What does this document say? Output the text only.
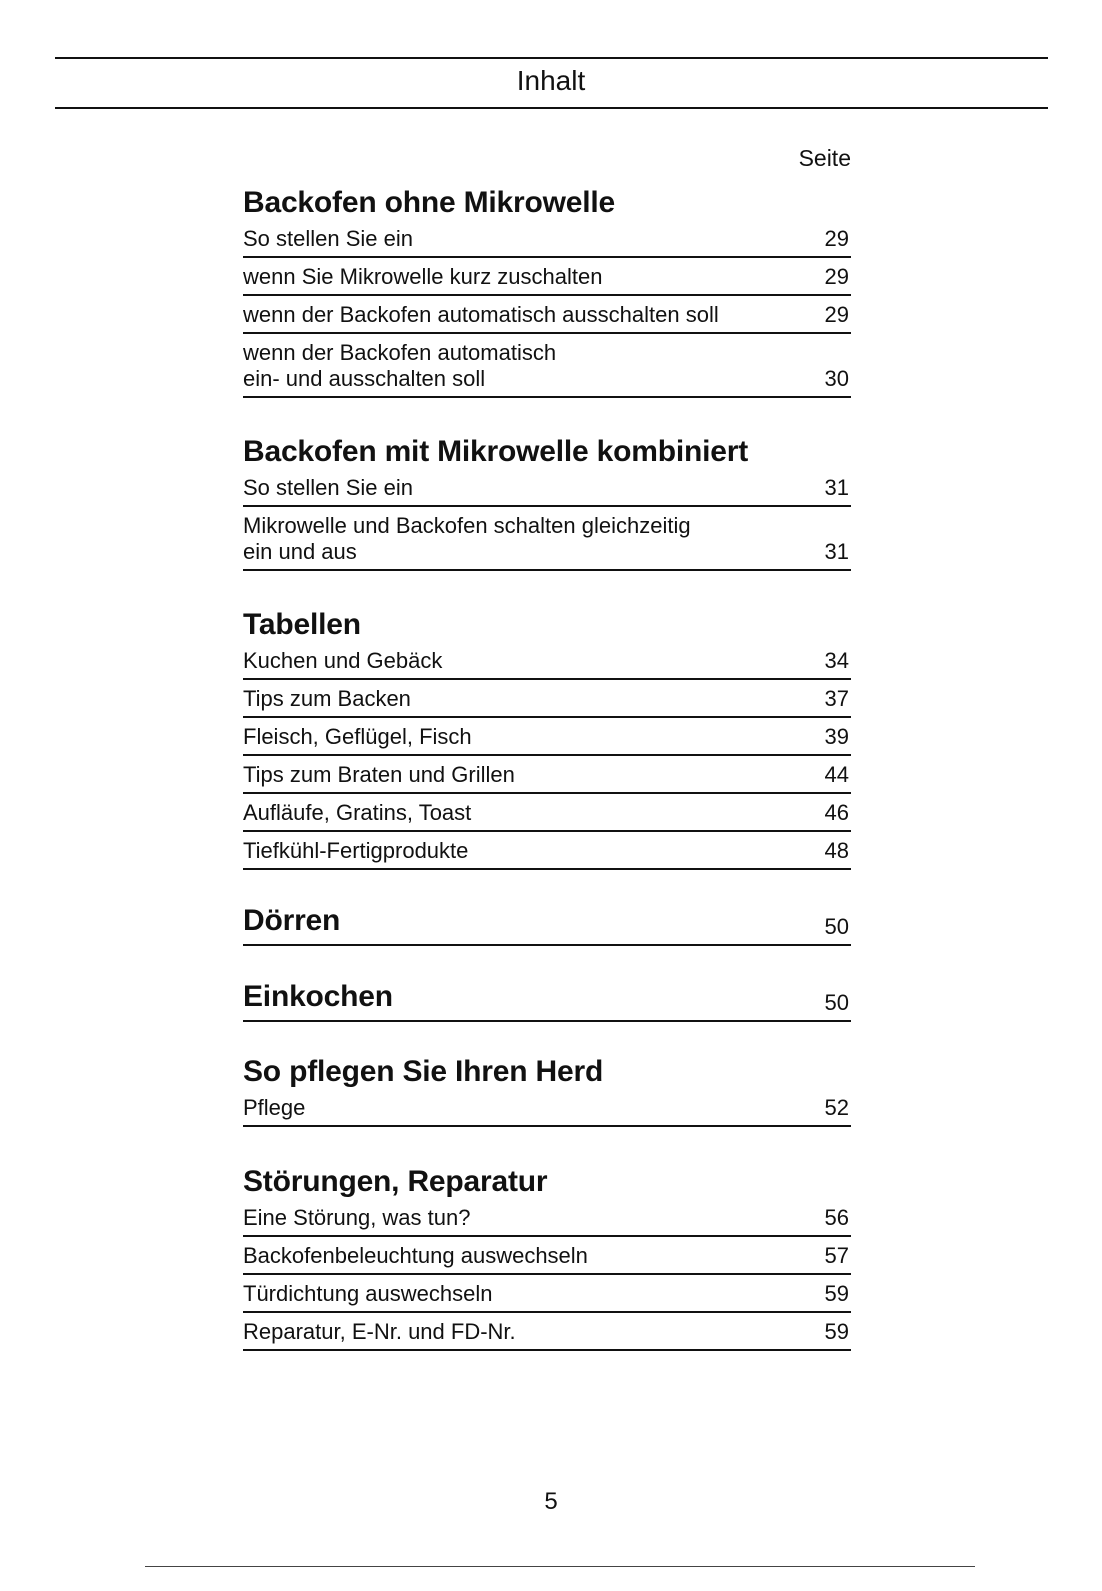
Inhalt
Seite
Backofen ohne Mikrowelle
So stellen Sie ein	29
wenn Sie Mikrowelle kurz zuschalten	29
wenn der Backofen automatisch ausschalten soll	29
wenn der Backofen automatisch
ein- und ausschalten soll	30
Backofen mit Mikrowelle kombiniert
So stellen Sie ein	31
Mikrowelle und Backofen schalten gleichzeitig
ein und aus	31
Tabellen
Kuchen und Gebäck	34
Tips zum Backen	37
Fleisch, Geflügel, Fisch	39
Tips zum Braten und Grillen	44
Aufläufe, Gratins, Toast	46
Tiefkühl-Fertigprodukte	48
Dörren	50
Einkochen	50
So pflegen Sie Ihren Herd
Pflege	52
Störungen, Reparatur
Eine Störung, was tun?	56
Backofenbeleuchtung auswechseln	57
Türdichtung auswechseln	59
Reparatur, E-Nr. und FD-Nr.	59
5
